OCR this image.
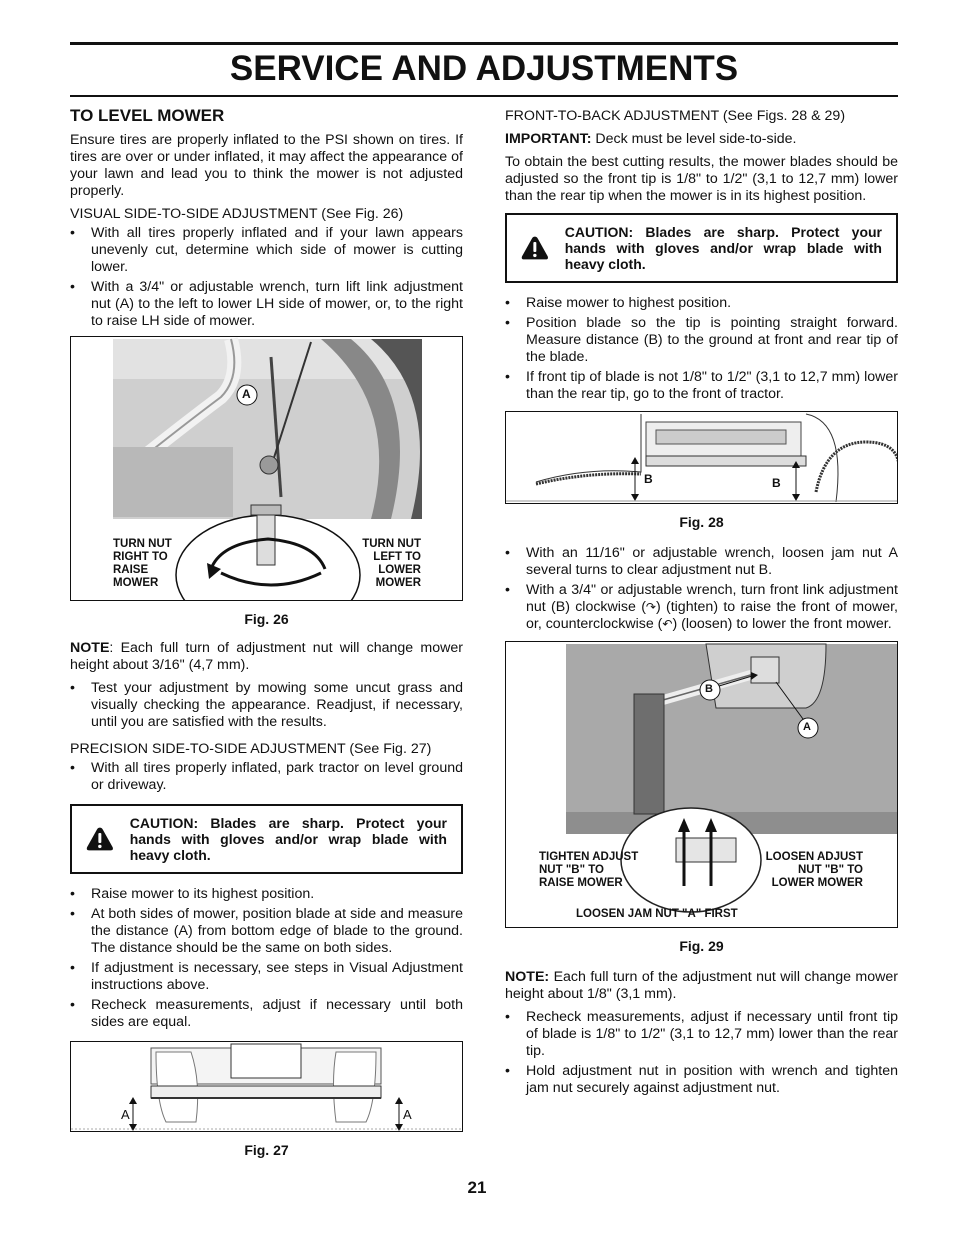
SERVICE AND ADJUSTMENTS

TO LEVEL MOWER

Ensure tires are properly inflated to the PSI shown on tires. If tires are over or under inflated, it may affect the appearance of your lawn and lead you to think the mower is not adjusted properly.

VISUAL SIDE-TO-SIDE ADJUSTMENT (See Fig. 26)

• With all tires properly inflated and if your lawn appears unevenly cut, determine which side of mower is cutting lower.
• With a 3/4" or adjustable wrench, turn lift link adjustment nut (A) to the left to lower LH side of mower, or, to the right to raise LH side of mower.
A
TURN NUT
RIGHT TO
RAISE
MOWER
TURN NUT
LEFT TO
LOWER
MOWER
Fig. 26

NOTE: Each full turn of adjustment nut will change mower height about 3/16" (4,7 mm).

• Test your adjustment by mowing some uncut grass and visually checking the appearance. Readjust, if necessary, until you are satisfied with the results.

PRECISION SIDE-TO-SIDE ADJUSTMENT (See Fig. 27)

• With all tires properly inflated, park tractor on level ground or driveway.
CAUTION: Blades are sharp. Protect your hands with gloves and/or wrap blade with heavy cloth.
• Raise mower to its highest position.
• At both sides of mower, position blade at side and measure the distance (A) from bottom edge of blade to the ground. The distance should be the same on both sides.
• If adjustment is necessary, see steps in Visual Adjustment instructions above.
• Recheck measurements, adjust if necessary until both sides are equal.
A	A
Fig. 27

FRONT-TO-BACK ADJUSTMENT (See Figs. 28 & 29)

IMPORTANT: Deck must be level side-to-side.

To obtain the best cutting results, the mower blades should be adjusted so the front tip is 1/8" to 1/2" (3,1 to 12,7 mm) lower than the rear tip when the mower is in its highest position.

CAUTION: Blades are sharp. Protect your hands with gloves and/or wrap blade with heavy cloth.
• Raise mower to highest position.
• Position blade so the tip is pointing straight forward. Measure distance (B) to the ground at front and rear tip of the blade.
• If front tip of blade is not 1/8" to 1/2" (3,1 to 12,7 mm) lower than the rear tip, go to the front of tractor.
B	B
Fig. 28
• With an 11/16" or adjustable wrench, loosen jam nut A several turns to clear adjustment nut B.
• With a 3/4" or adjustable wrench, turn front link adjustment nut (B) clockwise (↷) (tighten) to raise the front of mower, or, counterclockwise (↶) (loosen) to lower the front mower.
B
A
TIGHTEN ADJUST
NUT "B" TO
RAISE MOWER
LOOSEN ADJUST
NUT "B" TO
LOWER MOWER
LOOSEN JAM NUT "A" FIRST
Fig. 29

NOTE: Each full turn of the adjustment nut will change mower height about 1/8" (3,1 mm).

• Recheck measurements, adjust if necessary until front tip of blade is 1/8" to 1/2" (3,1 to 12,7 mm) lower than the rear tip.
• Hold adjustment nut in position with wrench and tighten jam nut securely against adjustment nut.
21
